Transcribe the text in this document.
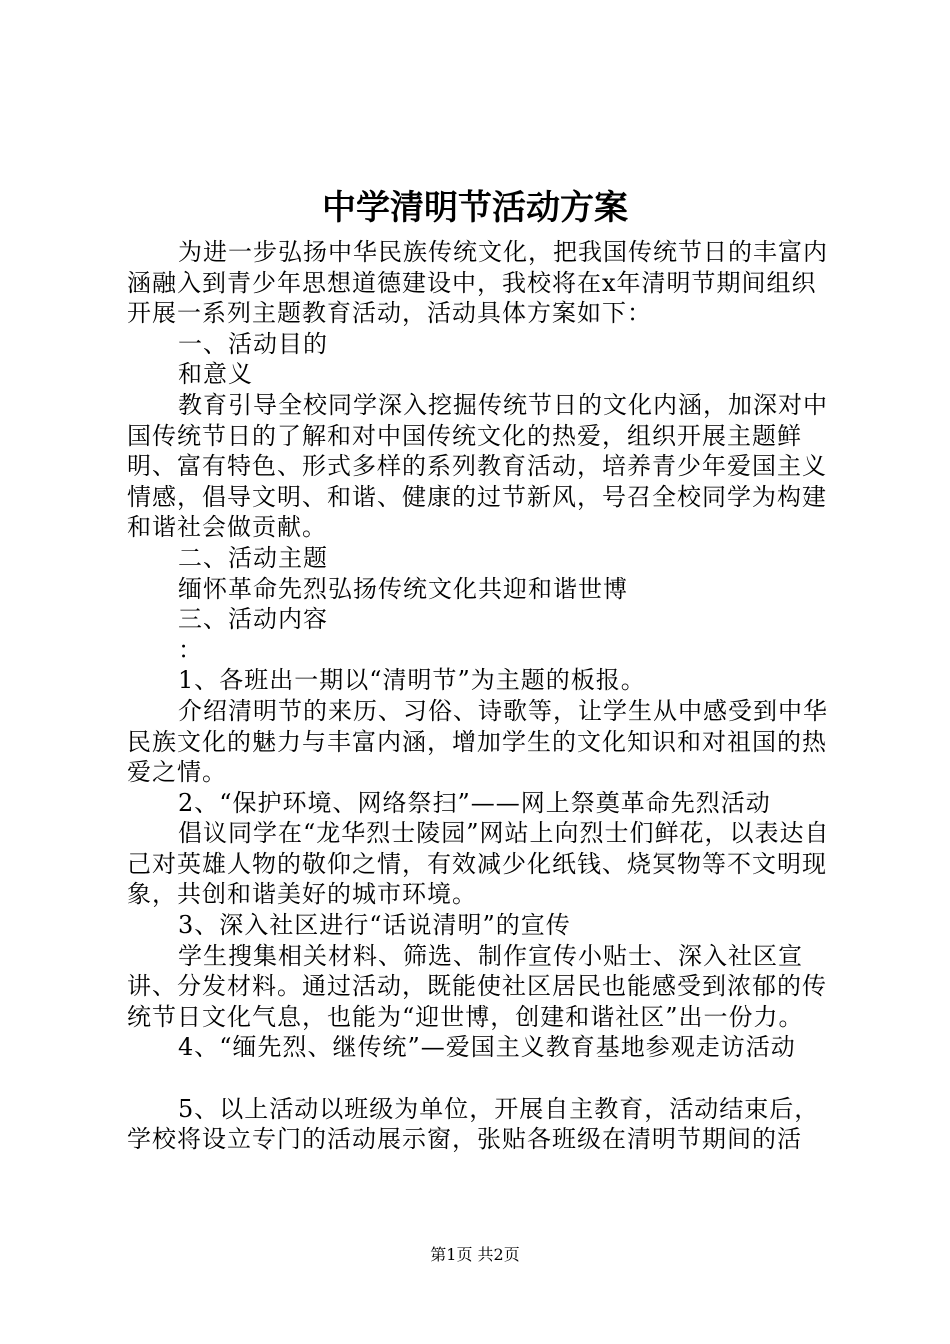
中学清明节活动方案

为进一步弘扬中华民族传统文化，把我国传统节日的丰富内涵融入到青少年思想道德建设中，我校将在x年清明节期间组织开展一系列主题教育活动，活动具体方案如下：

一、活动目的

和意义

教育引导全校同学深入挖掘传统节日的文化内涵，加深对中国传统节日的了解和对中国传统文化的热爱，组织开展主题鲜明、富有特色、形式多样的系列教育活动，培养青少年爱国主义情感，倡导文明、和谐、健康的过节新风，号召全校同学为构建和谐社会做贡献。

二、活动主题

缅怀革命先烈弘扬传统文化共迎和谐世博

三、活动内容

：

1、各班出一期以“清明节”为主题的板报。

介绍清明节的来历、习俗、诗歌等，让学生从中感受到中华民族文化的魅力与丰富内涵，增加学生的文化知识和对祖国的热爱之情。

2、“保护环境、网络祭扫”——网上祭奠革命先烈活动

倡议同学在“龙华烈士陵园”网站上向烈士们鲜花，以表达自己对英雄人物的敬仰之情，有效减少化纸钱、烧冥物等不文明现象，共创和谐美好的城市环境。

3、深入社区进行“话说清明”的宣传

学生搜集相关材料、筛选、制作宣传小贴士、深入社区宣讲、分发材料。通过活动，既能使社区居民也能感受到浓郁的传统节日文化气息，也能为“迎世博，创建和谐社区”出一份力。

4、“缅先烈、继传统”—爱国主义教育基地参观走访活动

5、以上活动以班级为单位，开展自主教育，活动结束后，学校将设立专门的活动展示窗，张贴各班级在清明节期间的活

第1页 共2页
